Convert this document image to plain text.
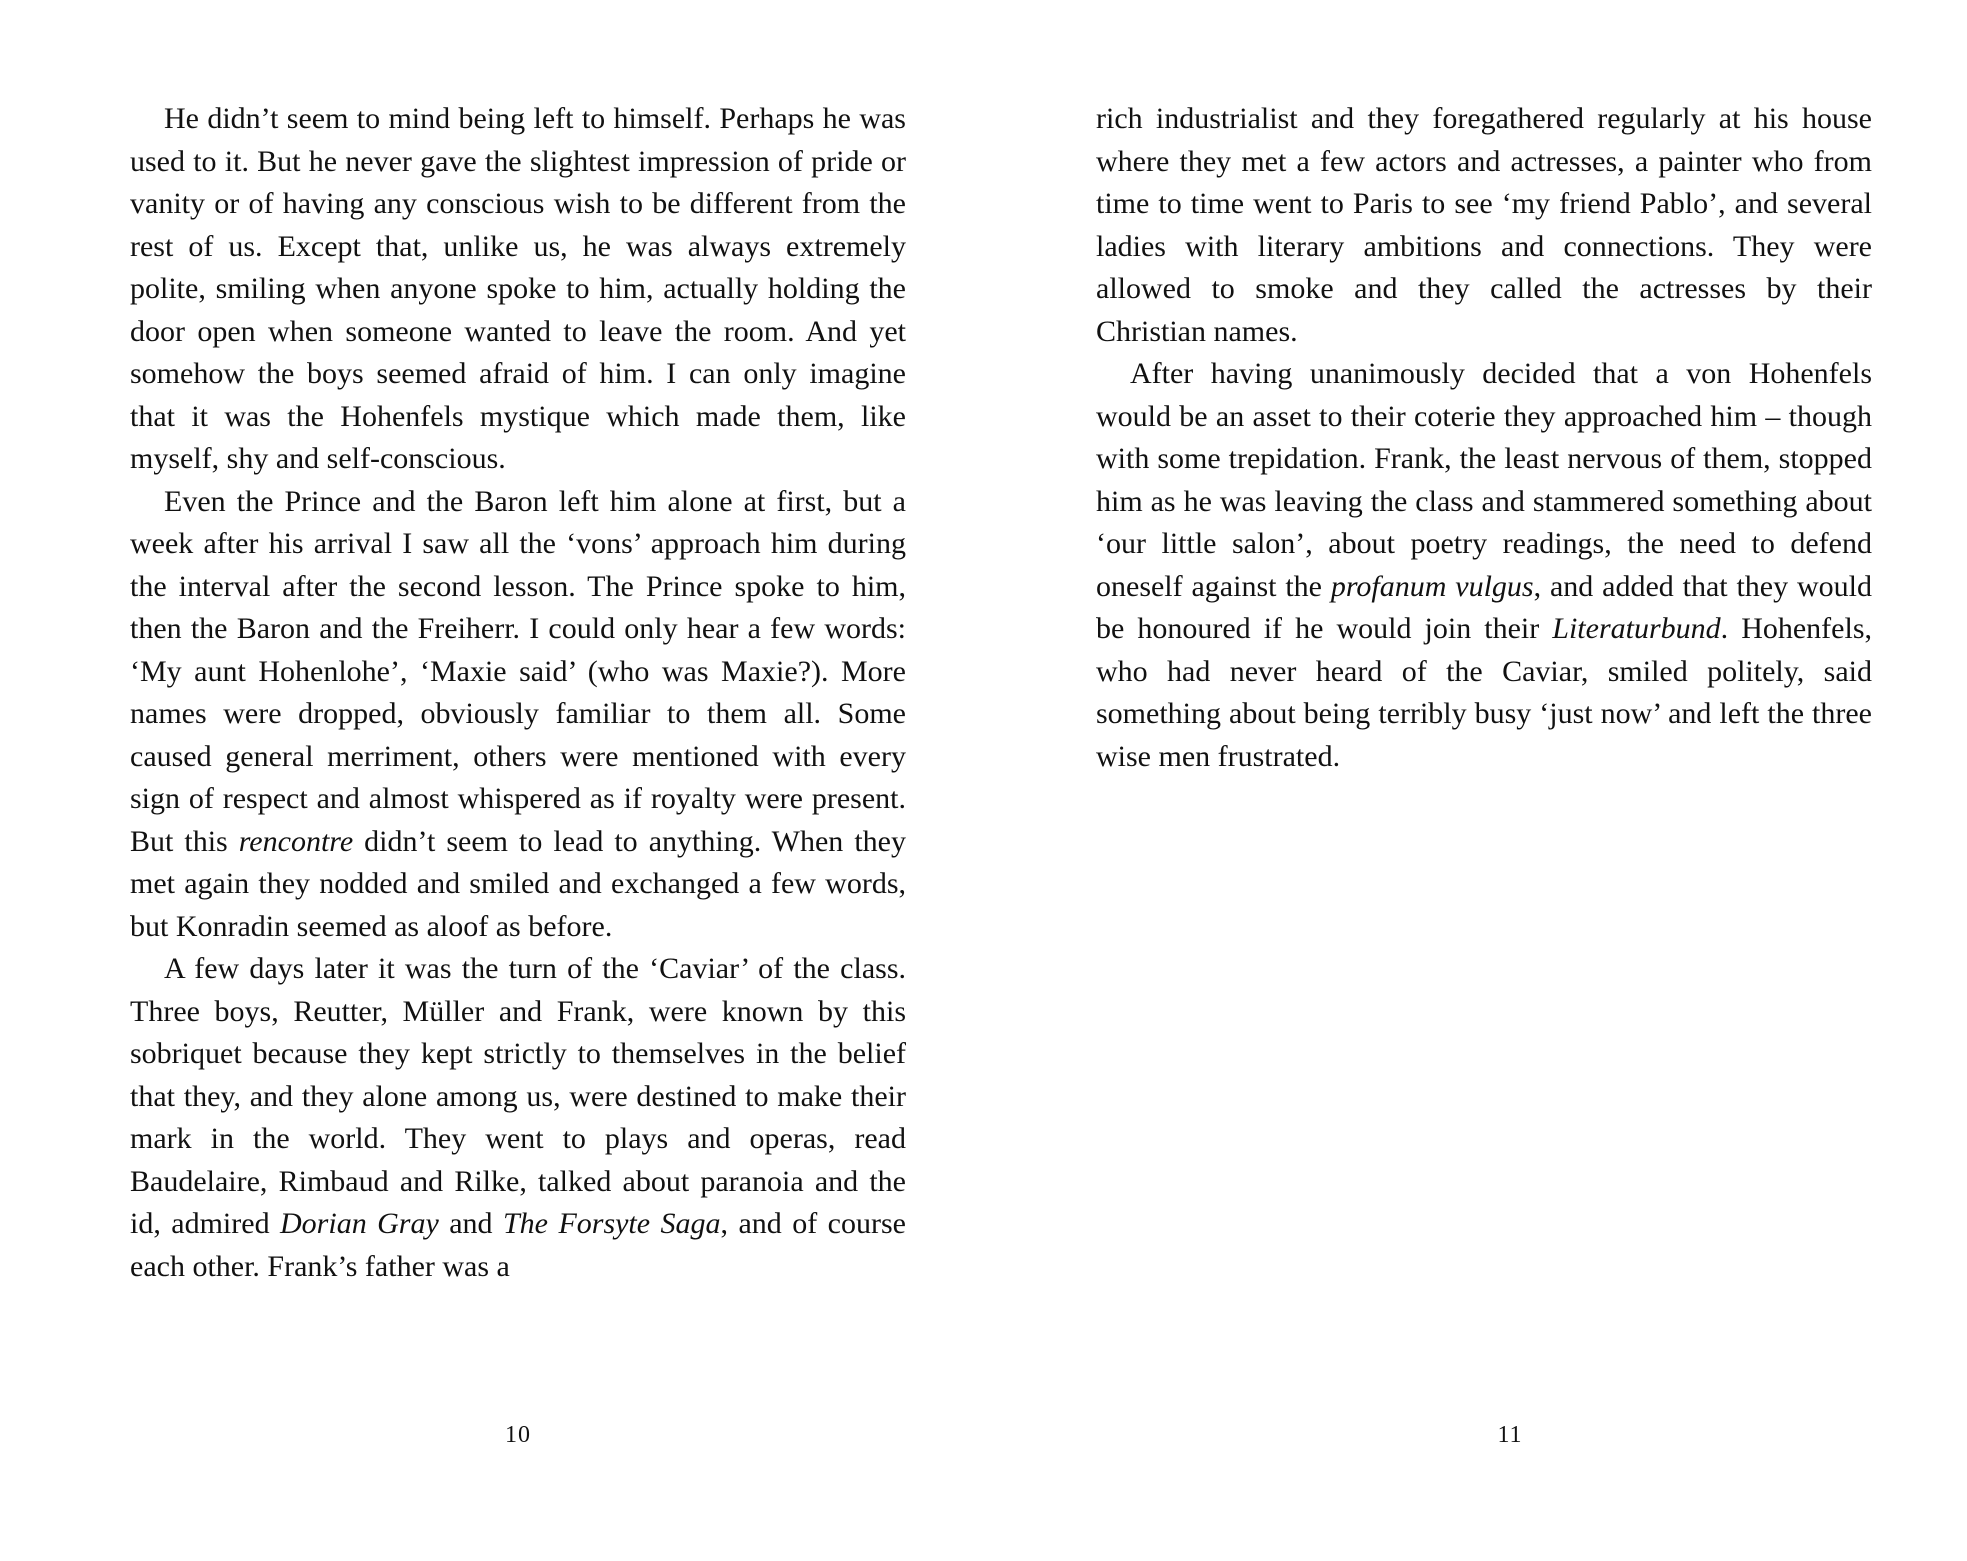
He didn’t seem to mind being left to himself. Perhaps he was used to it. But he never gave the slightest impression of pride or vanity or of having any conscious wish to be different from the rest of us. Except that, unlike us, he was always extremely polite, smiling when anyone spoke to him, actually holding the door open when someone wanted to leave the room. And yet somehow the boys seemed afraid of him. I can only imagine that it was the Hohenfels mystique which made them, like myself, shy and self-conscious.

Even the Prince and the Baron left him alone at first, but a week after his arrival I saw all the ‘vons’ approach him during the interval after the second lesson. The Prince spoke to him, then the Baron and the Freiherr. I could only hear a few words: ‘My aunt Hohenlohe’, ‘Maxie said’ (who was Maxie?). More names were dropped, obviously familiar to them all. Some caused general merriment, others were mentioned with every sign of respect and almost whispered as if royalty were present. But this rencontre didn’t seem to lead to anything. When they met again they nodded and smiled and exchanged a few words, but Konradin seemed as aloof as before.

A few days later it was the turn of the ‘Caviar’ of the class. Three boys, Reutter, Müller and Frank, were known by this sobriquet because they kept strictly to themselves in the belief that they, and they alone among us, were destined to make their mark in the world. They went to plays and operas, read Baudelaire, Rimbaud and Rilke, talked about paranoia and the id, admired Dorian Gray and The Forsyte Saga, and of course each other. Frank’s father was a

10

rich industrialist and they foregathered regularly at his house where they met a few actors and actresses, a painter who from time to time went to Paris to see ‘my friend Pablo’, and several ladies with literary ambitions and connections. They were allowed to smoke and they called the actresses by their Christian names.

After having unanimously decided that a von Hohenfels would be an asset to their coterie they approached him – though with some trepidation. Frank, the least nervous of them, stopped him as he was leaving the class and stammered something about ‘our little salon’, about poetry readings, the need to defend oneself against the profanum vulgus, and added that they would be honoured if he would join their Literaturbund. Hohenfels, who had never heard of the Caviar, smiled politely, said something about being terribly busy ‘just now’ and left the three wise men frustrated.

11
